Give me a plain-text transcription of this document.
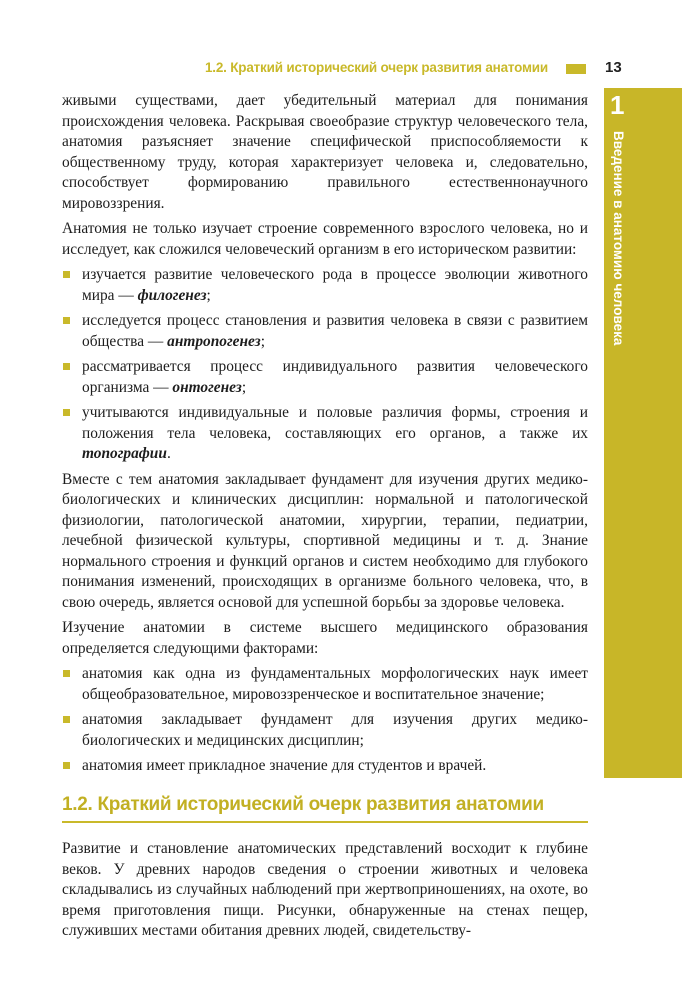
1.2. Краткий исторический очерк развития анатомии	13
1
Введение в анатомию человека

живыми существами, дает убедительный материал для понимания происхождения человека. Раскрывая своеобразие структур человеческого тела, анатомия разъясняет значение специфической приспособляемости к общественному труду, которая характеризует человека и, следовательно, способствует формированию правильного естественнонаучного мировоззрения.

Анатомия не только изучает строение современного взрослого человека, но и исследует, как сложился человеческий организм в его историческом развитии:

изучается развитие человеческого рода в процессе эволюции животного мира — филогенез;
исследуется процесс становления и развития человека в связи с развитием общества — антропогенез;
рассматривается процесс индивидуального развития человеческого организма — онтогенез;
учитываются индивидуальные и половые различия формы, строения и положения тела человека, составляющих его органов, а также их топографии.

Вместе с тем анатомия закладывает фундамент для изучения других медико-биологических и клинических дисциплин: нормальной и патологической физиологии, патологической анатомии, хирургии, терапии, педиатрии, лечебной физической культуры, спортивной медицины и т. д. Знание нормального строения и функций органов и систем необходимо для глубокого понимания изменений, происходящих в организме больного человека, что, в свою очередь, является основой для успешной борьбы за здоровье человека.

Изучение анатомии в системе высшего медицинского образования определяется следующими факторами:

анатомия как одна из фундаментальных морфологических наук имеет общеобразовательное, мировоззренческое и воспитательное значение;
анатомия закладывает фундамент для изучения других медико-биологических и медицинских дисциплин;
анатомия имеет прикладное значение для студентов и врачей.
1.2. Краткий исторический очерк развития анатомии

Развитие и становление анатомических представлений восходит к глубине веков. У древних народов сведения о строении животных и человека складывались из случайных наблюдений при жертвоприношениях, на охоте, во время приготовления пищи. Рисунки, обнаруженные на стенах пещер, служивших местами обитания древних людей, свидетельству-
